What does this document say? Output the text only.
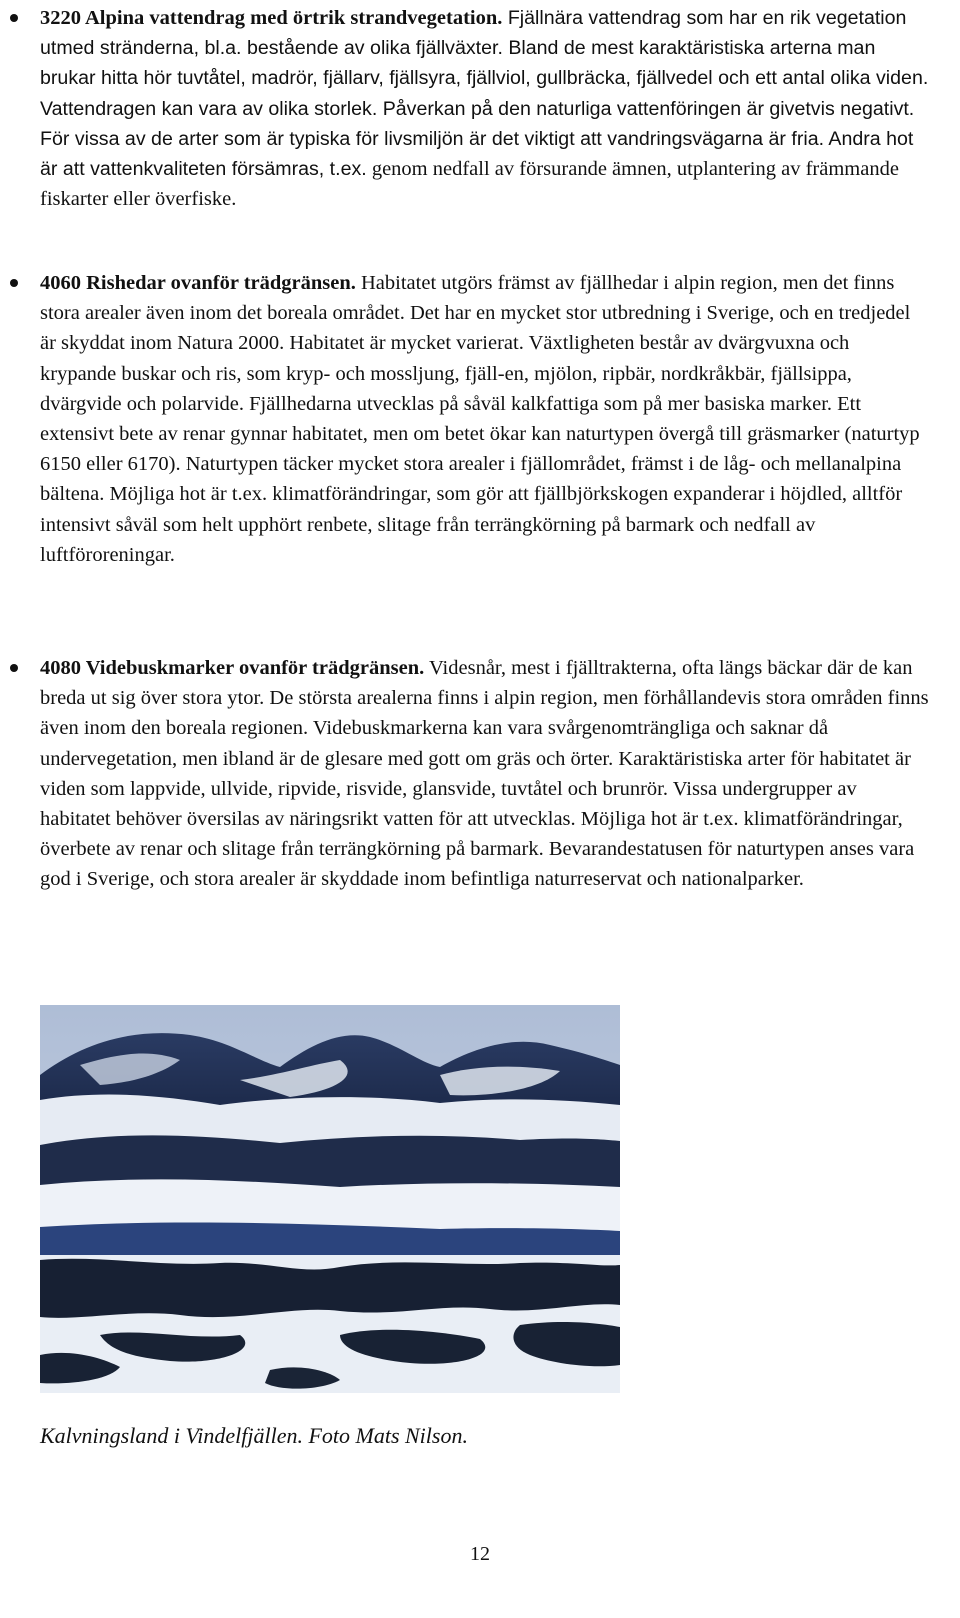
3220 Alpina vattendrag med örtrik strandvegetation. Fjällnära vattendrag som har en rik vegetation utmed stränderna, bl.a. bestående av olika fjällväxter. Bland de mest karaktäristiska arterna man brukar hitta hör tuvtåtel, madrör, fjällarv, fjällsyra, fjällviol, gullbräcka, fjällvedel och ett antal olika viden. Vattendragen kan vara av olika storlek. Påverkan på den naturliga vattenföringen är givetvis negativt. För vissa av de arter som är typiska för livsmiljön är det viktigt att vandringsvägarna är fria. Andra hot är att vattenkvaliteten försämras, t.ex. genom nedfall av försurande ämnen, utplantering av främmande fiskarter eller överfiske.
4060 Rishedar ovanför trädgränsen. Habitatet utgörs främst av fjällhedar i alpin region, men det finns stora arealer även inom det boreala området. Det har en mycket stor utbredning i Sverige, och en tredjedel är skyddat inom Natura 2000. Habitatet är mycket varierat. Växtligheten består av dvärgvuxna och krypande buskar och ris, som kryp- och mossljung, fjäll-en, mjölon, ripbär, nordkråkbär, fjällsippa, dvärgvide och polarvide. Fjällhedarna utvecklas på såväl kalkfattiga som på mer basiska marker. Ett extensivt bete av renar gynnar habitatet, men om betet ökar kan naturtypen övergå till gräsmarker (naturtyp 6150 eller 6170). Naturtypen täcker mycket stora arealer i fjällområdet, främst i de låg- och mellanalpina bältena. Möjliga hot är t.ex. klimatförändringar, som gör att fjällbjörkskogen expanderar i höjdled, alltför intensivt såväl som helt upphört renbete, slitage från terrängkörning på barmark och nedfall av luftföroreningar.
4080 Videbuskmarker ovanför trädgränsen. Videsnår, mest i fjälltrakterna, ofta längs bäckar där de kan breda ut sig över stora ytor. De största arealerna finns i alpin region, men förhållandevis stora områden finns även inom den boreala regionen. Videbuskmarkerna kan vara svårgenomträngliga och saknar då undervegetation, men ibland är de glesare med gott om gräs och örter. Karaktäristiska arter för habitatet är viden som lappvide, ullvide, ripvide, risvide, glansvide, tuvtåtel och brunrör. Vissa undergrupper av habitatet behöver översilas av näringsrikt vatten för att utvecklas. Möjliga hot är t.ex. klimatförändringar, överbete av renar och slitage från terrängkörning på barmark. Bevarandestatusen för naturtypen anses vara god i Sverige, och stora arealer är skyddade inom befintliga naturreservat och nationalparker.
Kalvningsland i Vindelfjällen. Foto Mats Nilson.
12
